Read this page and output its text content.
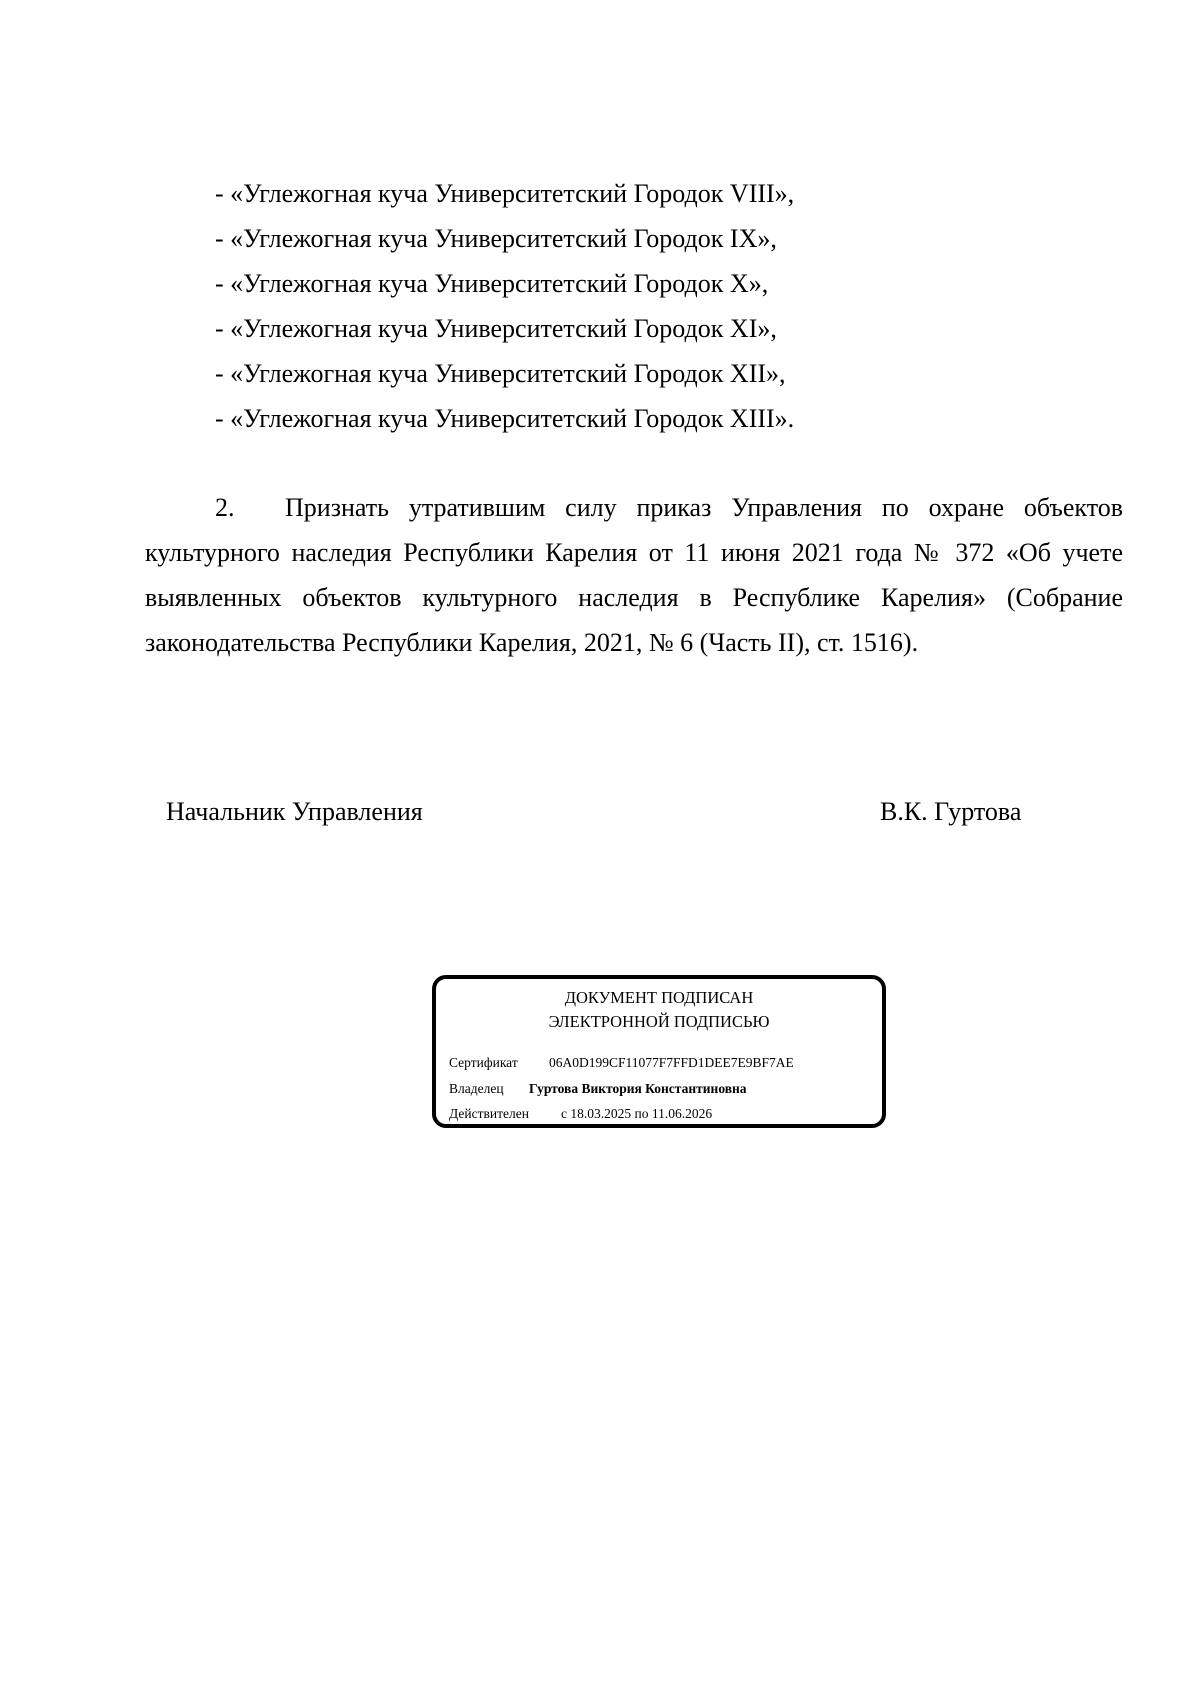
- «Углежогная куча Университетский Городок VIII»,
- «Углежогная куча Университетский Городок IX»,
- «Углежогная куча Университетский Городок X»,
- «Углежогная куча Университетский Городок XI»,
- «Углежогная куча Университетский Городок XII»,
- «Углежогная куча Университетский Городок XIII».

2. Признать утратившим силу приказ Управления по охране объектов культурного наследия Республики Карелия от 11 июня 2021 года № 372 «Об учете выявленных объектов культурного наследия в Республике Карелия» (Собрание законодательства Республики Карелия, 2021, № 6 (Часть II), ст. 1516).

Начальник Управления	В.К. Гуртова
ДОКУМЕНТ ПОДПИСАН
ЭЛЕКТРОННОЙ ПОДПИСЬЮ
Сертификат 06A0D199CF11077F7FFD1DEE7E9BF7AE
Владелец Гуртова Виктория Константиновна
Действителен с 18.03.2025 по 11.06.2026
